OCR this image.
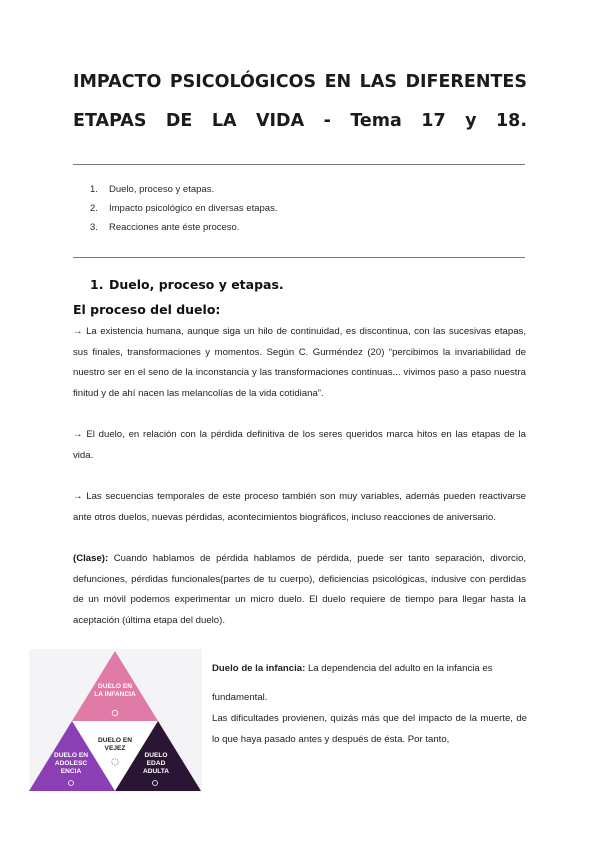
IMPACTO PSICOLÓGICOS EN LAS DIFERENTES
ETAPAS DE LA VIDA - Tema 17 y 18.
1. Duelo, proceso y etapas.
2. Impacto psicológico en diversas etapas.
3. Reacciones ante éste proceso.
1. Duelo, proceso y etapas.
El proceso del duelo:
→ La existencia humana, aunque siga un hilo de continuidad, es discontinua, con las sucesivas etapas, sus finales, transformaciones y momentos. Según C. Gurméndez (20) “percibimos la invariabilidad de nuestro ser en el seno de la inconstancia y las transformaciones continuas... vivimos paso a paso nuestra finitud y de ahí nacen las melancolías de la vida cotidiana”.
→ El duelo, en relación con la pérdida definitiva de los seres queridos marca hitos en las etapas de la vida.
→ Las secuencias temporales de este proceso también son muy variables, además pueden reactivarse ante otros duelos, nuevas pérdidas, acontecimientos biográficos, incluso reacciones de aniversario.
(Clase): Cuando hablamos de pérdida hablamos de pérdida, puede ser tanto separación, divorcio, defunciones, pérdidas funcionales(partes de tu cuerpo), deficiencias psicológicas, indusive con perdidas de un móvil podemos experimentar un micro duelo. El duelo requiere de tiempo para llegar hasta la aceptación (última etapa del duelo).
DUELO EN LA INFANCIA
DUELO EN VEJEZ
DUELO EN ADOLESC ENCIA
DUELO EDAD ADULTA
Duelo de la infancia: La dependencia del adulto en la infancia es
fundamental.
Las dificultades provienen, quizás más que del impacto de la muerte, de lo que haya pasado antes y después de ésta. Por tanto,
